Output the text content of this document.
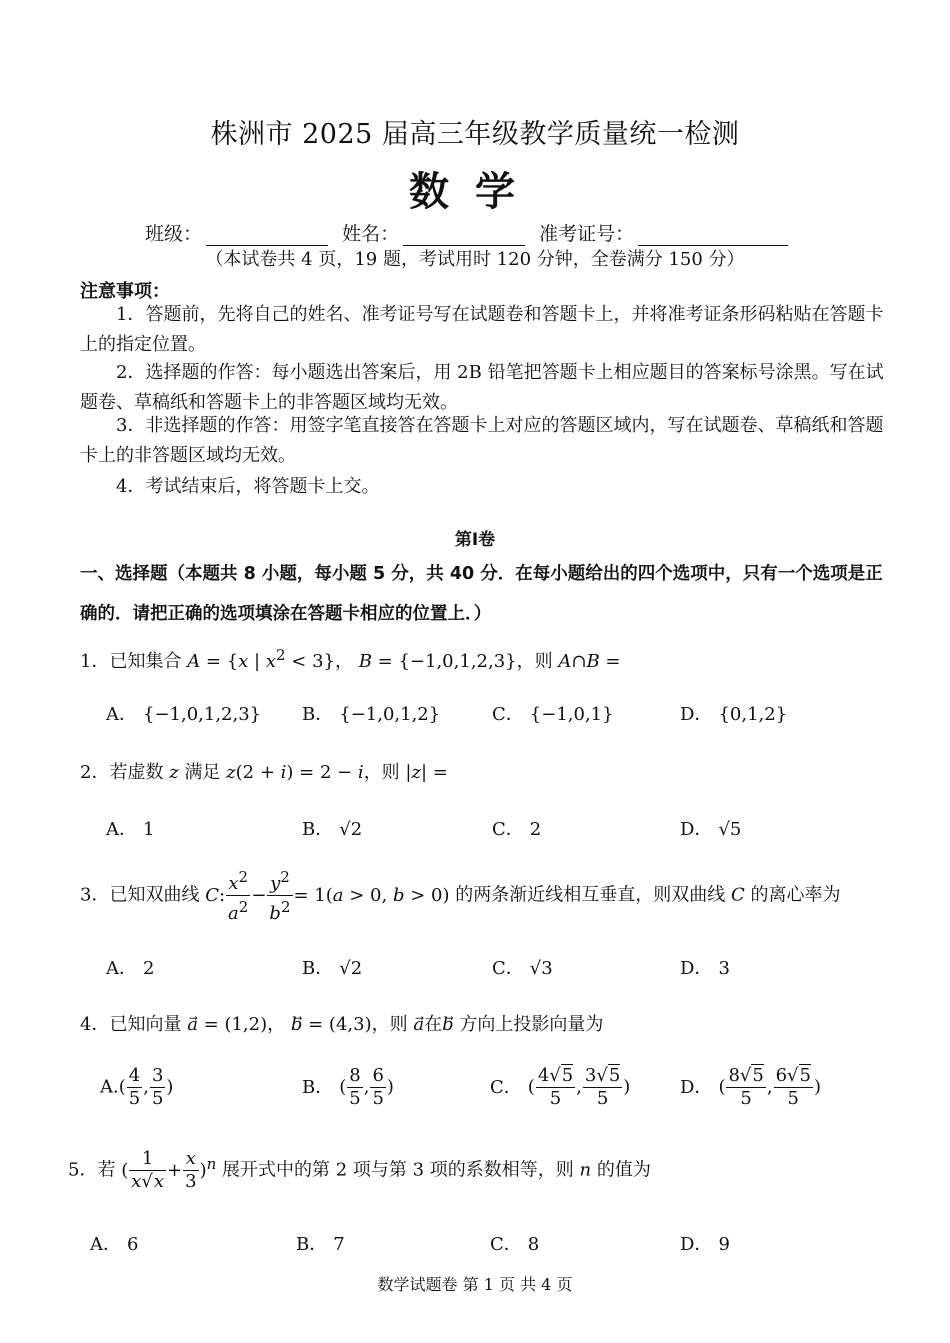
株洲市 2025 届高三年级教学质量统一检测
数学
班级：	姓名：	准考证号：
（本试卷共 4 页，19 题，考试用时 120 分钟，全卷满分 150 分）
注意事项：
1．答题前，先将自己的姓名、准考证号写在试题卷和答题卡上，并将准考证条形码粘贴在答题卡上的指定位置。
2．选择题的作答：每小题选出答案后，用 2B 铅笔把答题卡上相应题目的答案标号涂黑。写在试题卷、草稿纸和答题卡上的非答题区域均无效。
3．非选择题的作答：用签字笔直接答在答题卡上对应的答题区域内，写在试题卷、草稿纸和答题卡上的非答题区域均无效。
4．考试结束后，将答题卡上交。
第Ⅰ卷
一、选择题（本题共 8 小题，每小题 5 分，共 40 分．在每小题给出的四个选项中，只有一个选项是正确的．请把正确的选项填涂在答题卡相应的位置上．）
1．已知集合 A = {x | $x^2 < 3$}， B = {−1,0,1,2,3}，则 A∩B =
A． {−1,0,1,2,3} B． {−1,0,1,2}	C． {−1,0,1}	D． {0,1,2}
2．若虚数 z 满足 z(2 + i) = 2 − i，则 |z| =
A． 1	B． √2	C． 2	D． √5
3．已知双曲线 C: $\frac{x^2}{a^2} - \frac{y^2}{b^2} = 1(a > 0$, b > 0) 的两条渐近线相互垂直，则双曲线 C 的离心率为
A． 2	B． √2	C． √3	D． 3
4．已知向量 a⃗ = (1,2)， b⃗ = (4,3)，则 a在b⃗ 方向上投影向量为
$A.( \frac{4}{5}$ , $\frac{3}{5}$ )	B． ( $\frac{8}{5}$ , $\frac{6}{5}$ )	C． ( $\frac{4√5}{5}$ , $\frac{3√5}{5}$ )	D． ( $\frac{8√5}{5}$ , $\frac{6√5}{5}$ )
5．若 ( $\frac{1}{x√x} + \frac{x}{3} )^n$ 展开式中的第 2 项与第 3 项的系数相等，则 n 的值为
A． 6	B． 7	C． 8	D． 9
数学试题卷 第 1 页 共 4 页
